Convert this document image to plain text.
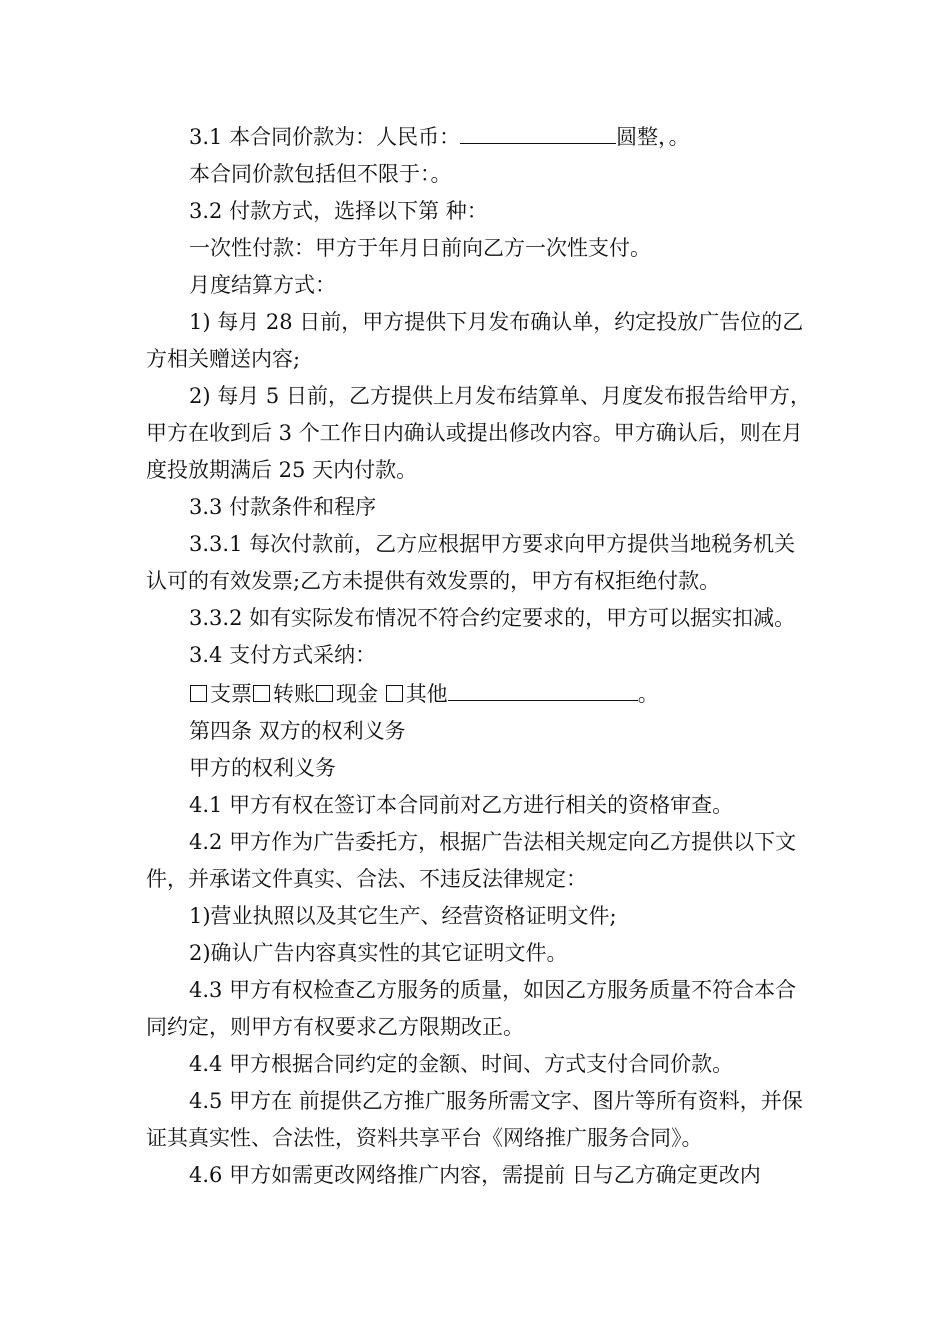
3.1 本合同价款为：人民币：	圆整，。

本合同价款包括但不限于：。

3.2 付款方式，选择以下第 种：

一次性付款：甲方于年月日前向乙方一次性支付。

月度结算方式：

1) 每月 28 日前，甲方提供下月发布确认单，约定投放广告位的乙方相关赠送内容;

2) 每月 5 日前，乙方提供上月发布结算单、月度发布报告给甲方，甲方在收到后 3 个工作日内确认或提出修改内容。甲方确认后，则在月度投放期满后 25 天内付款。

3.3 付款条件和程序

3.3.1 每次付款前，乙方应根据甲方要求向甲方提供当地税务机关认可的有效发票;乙方未提供有效发票的，甲方有权拒绝付款。

3.3.2 如有实际发布情况不符合约定要求的，甲方可以据实扣减。

3.4 支付方式采纳：

支票 转账 现金 其他	。

第四条 双方的权利义务

甲方的权利义务

4.1 甲方有权在签订本合同前对乙方进行相关的资格审查。

4.2 甲方作为广告委托方，根据广告法相关规定向乙方提供以下文件，并承诺文件真实、合法、不违反法律规定：

1)营业执照以及其它生产、经营资格证明文件;

2)确认广告内容真实性的其它证明文件。

4.3 甲方有权检查乙方服务的质量，如因乙方服务质量不符合本合同约定，则甲方有权要求乙方限期改正。

4.4 甲方根据合同约定的金额、时间、方式支付合同价款。

4.5 甲方在 前提供乙方推广服务所需文字、图片等所有资料，并保证其真实性、合法性，资料共享平台《网络推广服务合同》。

4.6 甲方如需更改网络推广内容，需提前 日与乙方确定更改内
